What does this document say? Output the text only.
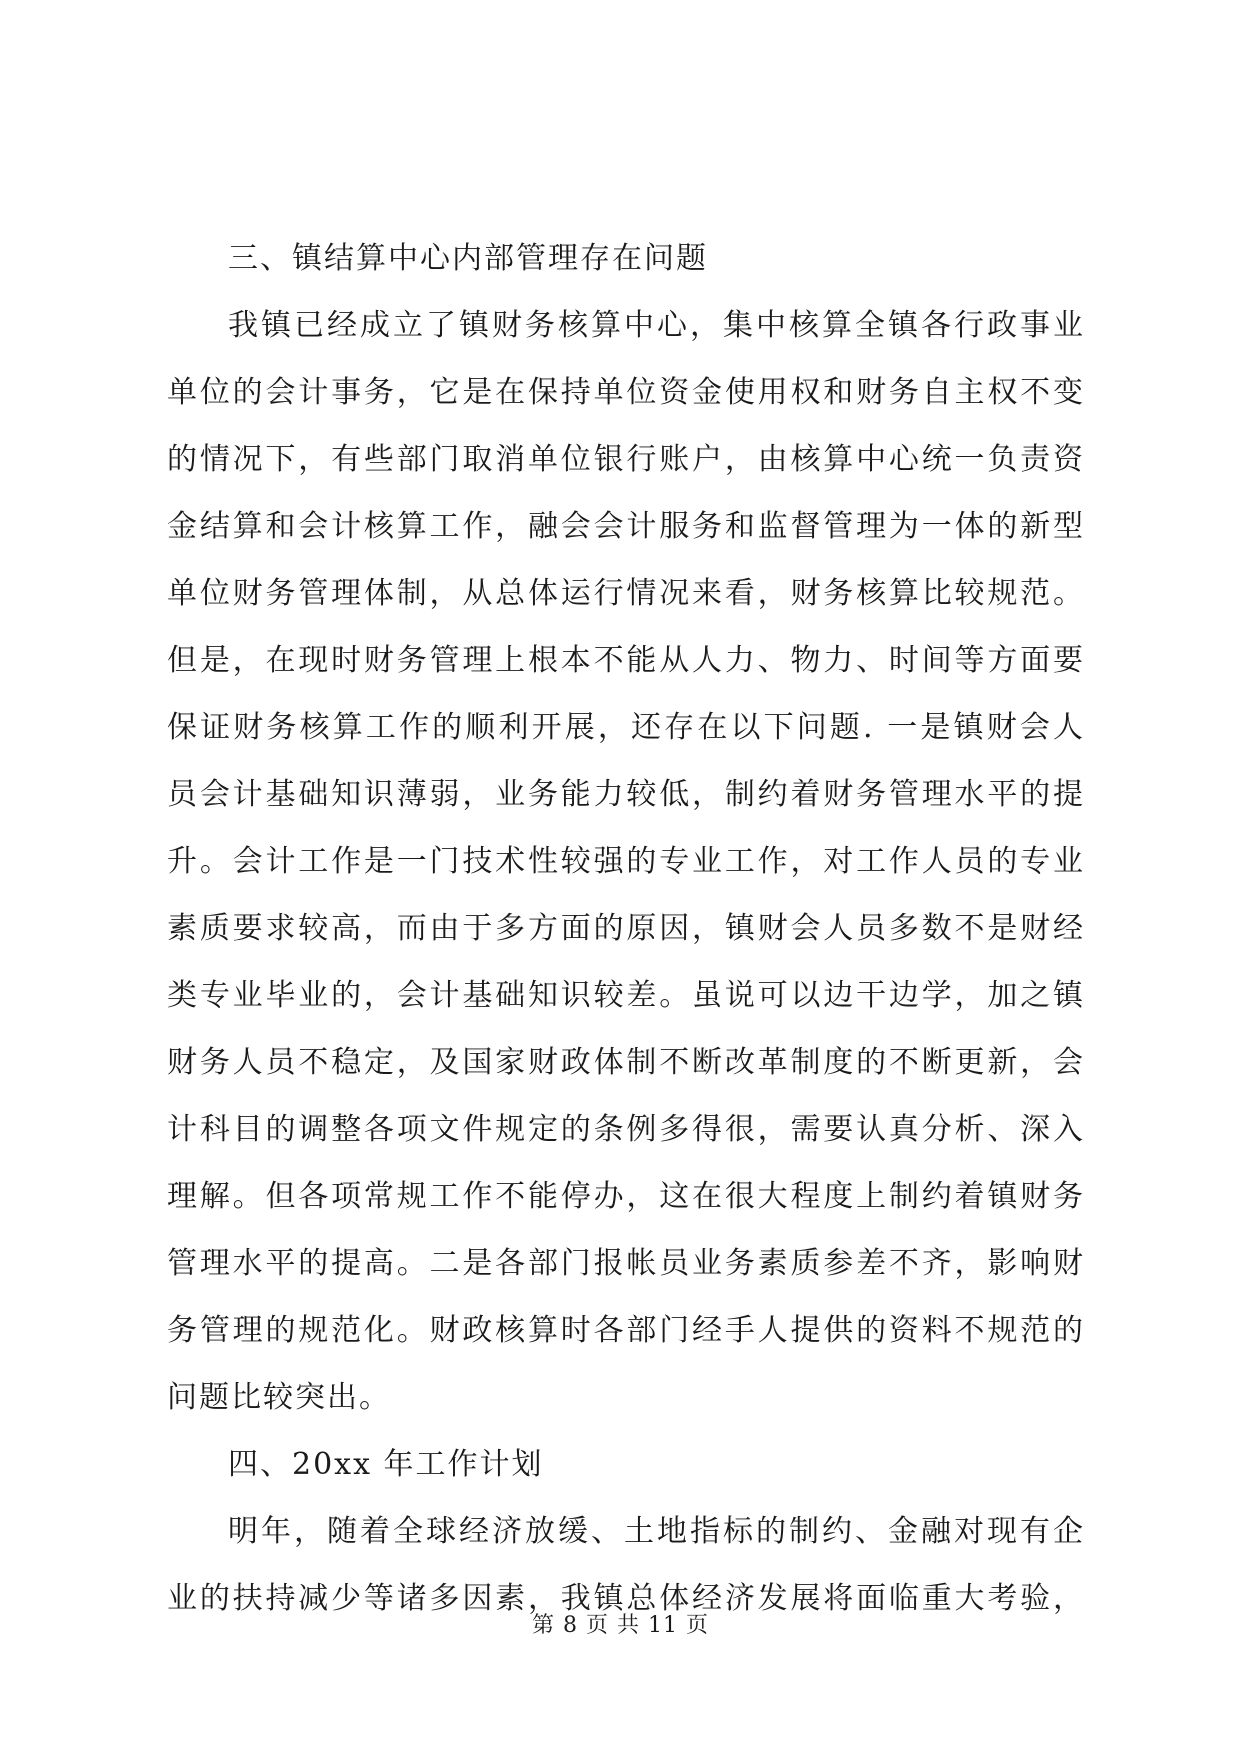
三、镇结算中心内部管理存在问题
我镇已经成立了镇财务核算中心，集中核算全镇各行政事业
单位的会计事务，它是在保持单位资金使用权和财务自主权不变
的情况下，有些部门取消单位银行账户，由核算中心统一负责资
金结算和会计核算工作，融会会计服务和监督管理为一体的新型
单位财务管理体制，从总体运行情况来看，财务核算比较规范。
但是，在现时财务管理上根本不能从人力、物力、时间等方面要
保证财务核算工作的顺利开展，还存在以下问题. 一是镇财会人
员会计基础知识薄弱，业务能力较低，制约着财务管理水平的提
升。会计工作是一门技术性较强的专业工作，对工作人员的专业
素质要求较高，而由于多方面的原因，镇财会人员多数不是财经
类专业毕业的，会计基础知识较差。虽说可以边干边学，加之镇
财务人员不稳定，及国家财政体制不断改革制度的不断更新，会
计科目的调整各项文件规定的条例多得很，需要认真分析、深入
理解。但各项常规工作不能停办，这在很大程度上制约着镇财务
管理水平的提高。二是各部门报帐员业务素质参差不齐，影响财
务管理的规范化。财政核算时各部门经手人提供的资料不规范的
问题比较突出。
四、20xx 年工作计划
明年，随着全球经济放缓、土地指标的制约、金融对现有企
业的扶持减少等诸多因素，我镇总体经济发展将面临重大考验，
第 8 页 共 11 页
